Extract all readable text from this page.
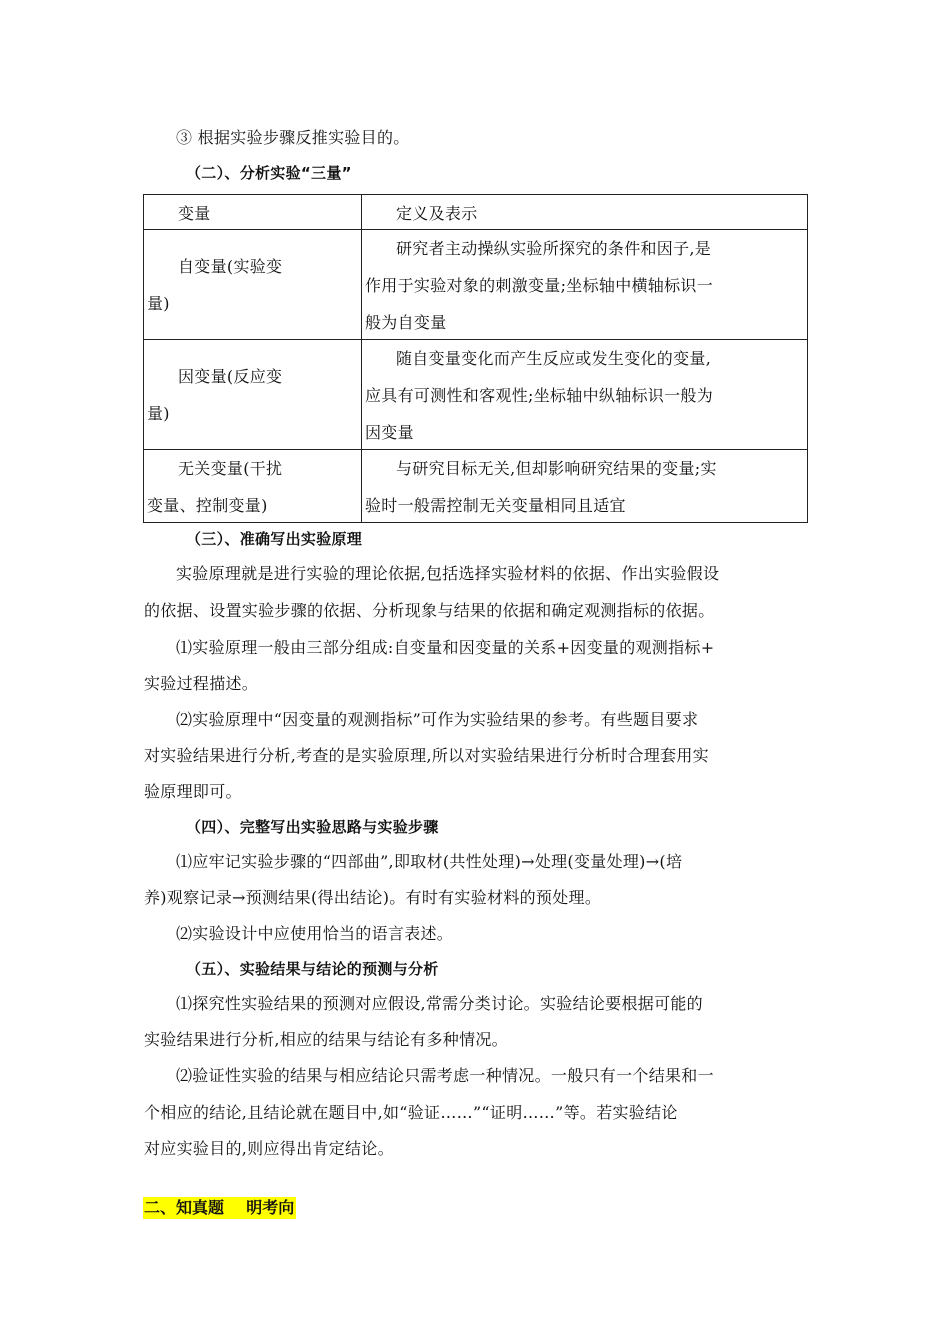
③ 根据实验步骤反推实验目的。
（二）、分析实验“三量”
变量	定义及表示

自变量(实验变
量)	研究者主动操纵实验所探究的条件和因子,是
作用于实验对象的刺激变量;坐标轴中横轴标识一
般为自变量

因变量(反应变
量)	随自变量变化而产生反应或发生变化的变量,
应具有可测性和客观性;坐标轴中纵轴标识一般为
因变量

无关变量(干扰
变量、控制变量)	与研究目标无关,但却影响研究结果的变量;实
验时一般需控制无关变量相同且适宜
（三）、准确写出实验原理
实验原理就是进行实验的理论依据,包括选择实验材料的依据、作出实验假设
的依据、设置实验步骤的依据、分析现象与结果的依据和确定观测指标的依据。
⑴实验原理一般由三部分组成:自变量和因变量的关系+因变量的观测指标+
实验过程描述。
⑵实验原理中“因变量的观测指标”可作为实验结果的参考。有些题目要求
对实验结果进行分析,考查的是实验原理,所以对实验结果进行分析时合理套用实
验原理即可。
（四）、完整写出实验思路与实验步骤
⑴应牢记实验步骤的“四部曲”,即取材(共性处理)→处理(变量处理)→(培
养)观察记录→预测结果(得出结论)。有时有实验材料的预处理。
⑵实验设计中应使用恰当的语言表述。
（五）、实验结果与结论的预测与分析
⑴探究性实验结果的预测对应假设,常需分类讨论。实验结论要根据可能的
实验结果进行分析,相应的结果与结论有多种情况。
⑵验证性实验的结果与相应结论只需考虑一种情况。一般只有一个结果和一
个相应的结论,且结论就在题目中,如“验证……”“证明……”等。若实验结论
对应实验目的,则应得出肯定结论。
二、知真题    明考向
